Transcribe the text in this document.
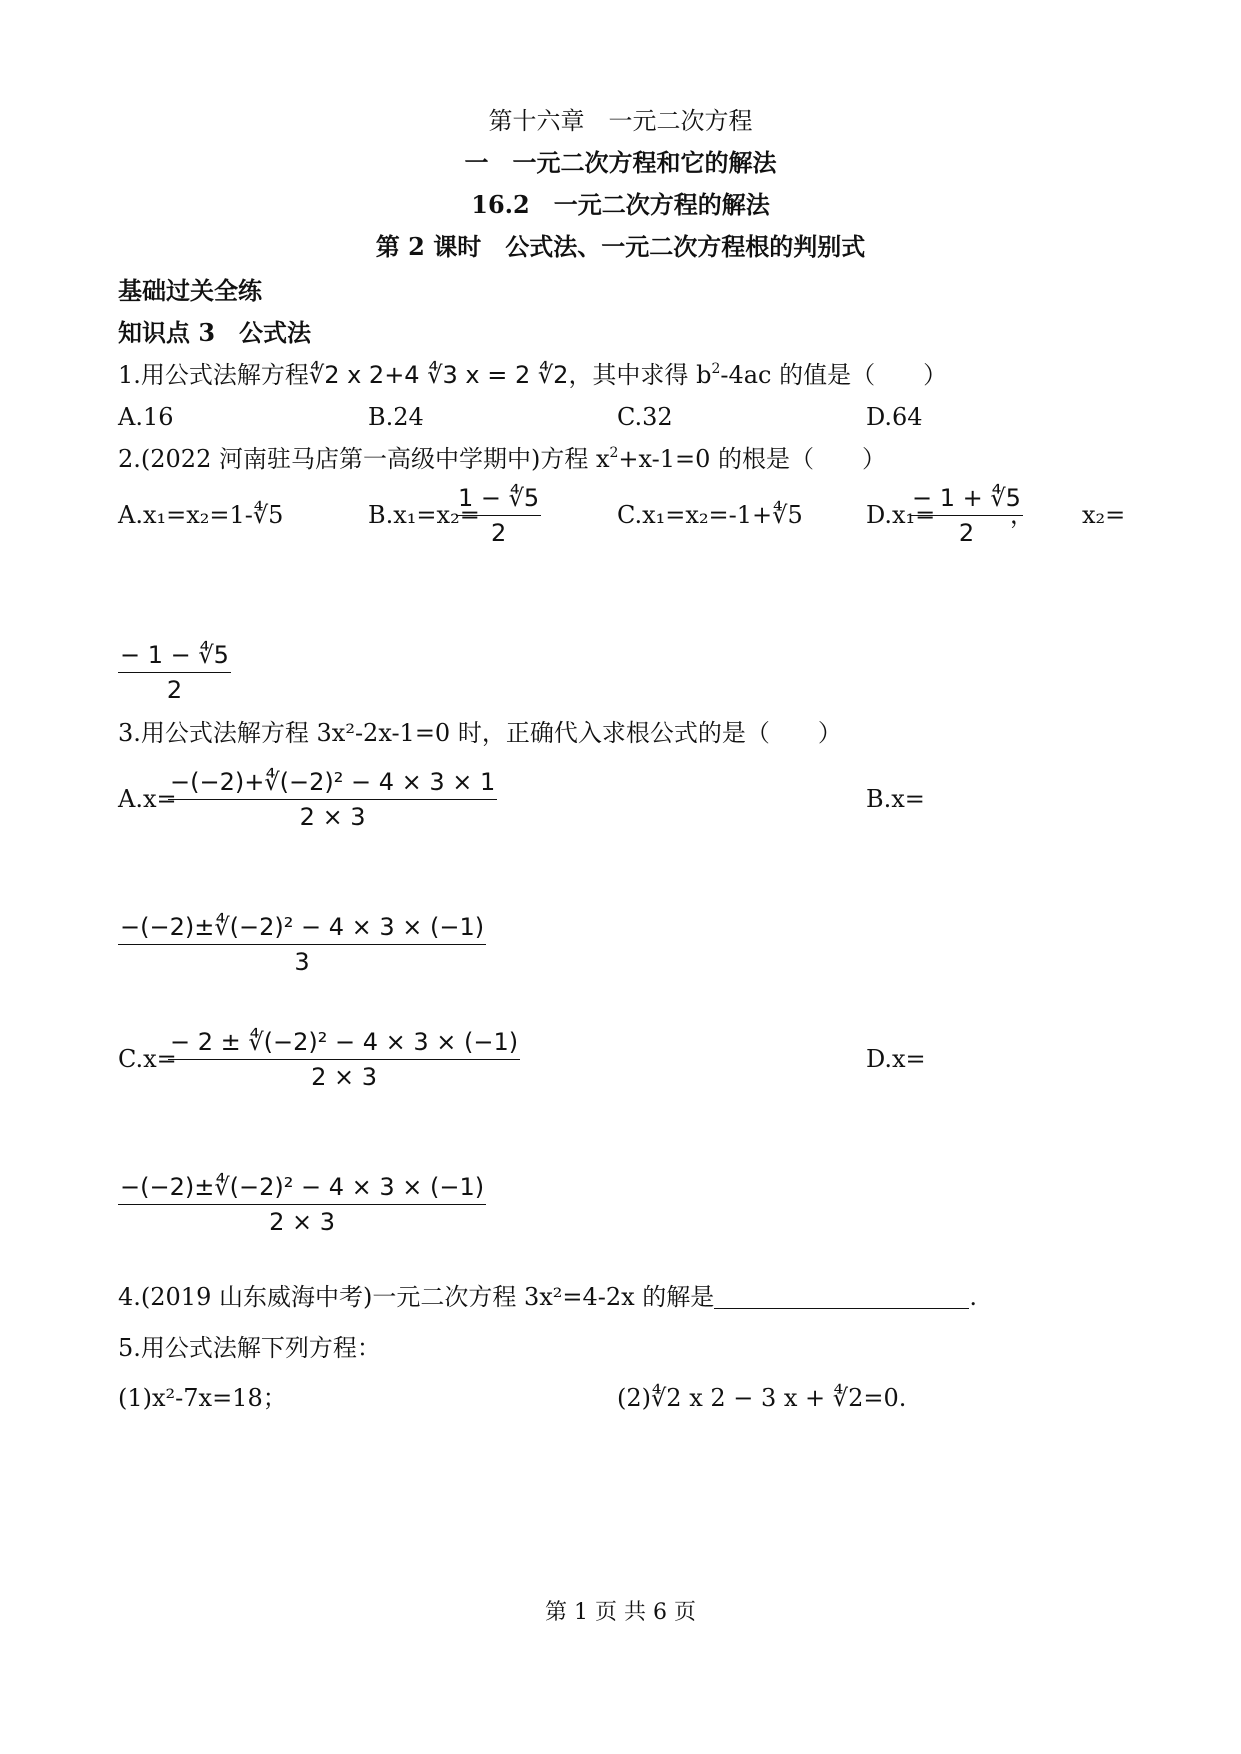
第十六章　一元二次方程
一　一元二次方程和它的解法
16.2　一元二次方程的解法
第 2 课时　公式法、一元二次方程根的判别式
基础过关全练
知识点 3　公式法
1.用公式法解方程∜2 x 2+4 ∜3 x = 2 ∜2，其中求得 $b^2-4ac$ 的值是（　　）
A.16	B.24	C.32	D.64
2.(2022 河南驻马店第一高级中学期中)方程 $x^2+x-1=0$ 的根是（　　）
A.x₁=x₂=1-∜5	B.x₁=x₂=
$\frac{1 - ∜5}{2}$	C.x₁=x₂=-1+∜5	D.x₁=
$\frac{- 1 + ∜5}{2}$
， x₂=
$\frac{- 1 - ∜5}{2}$
3.用公式法解方程 3x²-2x-1=0 时，正确代入求根公式的是（　　）
A.x=
$\frac{\text{−(−2)+∜(−2)² − 4 × 3 × 1}}{2 \times 3}$	B.x=
$\frac{\text{−(−2)±∜(−2)² − 4 × 3 × (−1)}}{3}$
C.x=
$\frac{\text{− 2 ± ∜(−2)² − 4 × 3 × (−1)}}{2 \times 3}$	D.x=
$\frac{\text{−(−2)±∜(−2)² − 4 × 3 × (−1)}}{2 \times 3}$
4.(2019 山东威海中考)一元二次方程 3x²=4-2x 的解是	.
5.用公式法解下列方程：
(1)x²-7x=18；	(2)∜2 x 2 − 3 x + ∜2=0.
第 1 页 共 6 页
